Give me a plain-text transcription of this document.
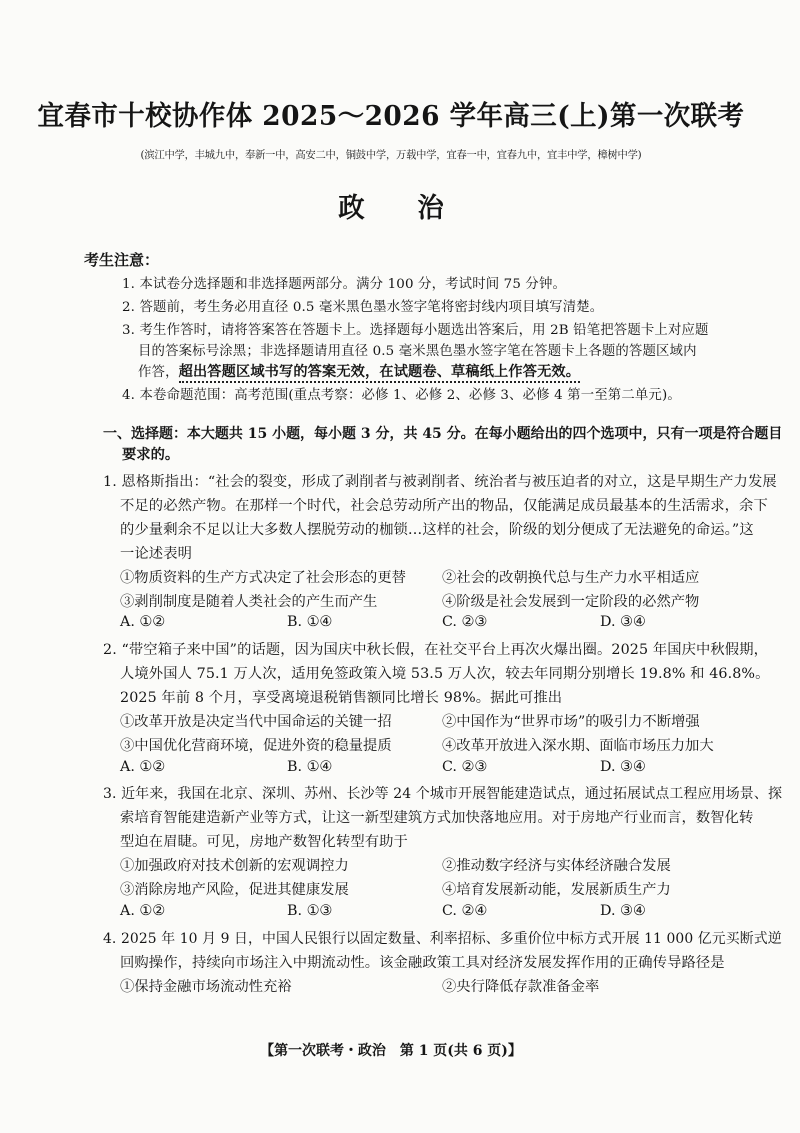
宜春市十校协作体 2025～2026 学年高三(上)第一次联考
(滨江中学，丰城九中，奉新一中，高安二中，铜鼓中学，万载中学，宜春一中，宜春九中，宜丰中学，樟树中学)
政　　治
考生注意：
1. 本试卷分选择题和非选择题两部分。满分 100 分，考试时间 75 分钟。
2. 答题前，考生务必用直径 0.5 毫米黑色墨水签字笔将密封线内项目填写清楚。
3. 考生作答时，请将答案答在答题卡上。选择题每小题选出答案后，用 2B 铅笔把答题卡上对应题
目的答案标号涂黑；非选择题请用直径 0.5 毫米黑色墨水签字笔在答题卡上各题的答题区域内
作答，超出答题区域书写的答案无效，在试题卷、草稿纸上作答无效。
4. 本卷命题范围：高考范围(重点考察：必修 1、必修 2、必修 3、必修 4 第一至第二单元)。
一、选择题：本大题共 15 小题，每小题 3 分，共 45 分。在每小题给出的四个选项中，只有一项是符合题目
要求的。
1. 恩格斯指出：“社会的裂变，形成了剥削者与被剥削者、统治者与被压迫者的对立，这是早期生产力发展
不足的必然产物。在那样一个时代，社会总劳动所产出的物品，仅能满足成员最基本的生活需求，余下
的少量剩余不足以让大多数人摆脱劳动的枷锁…这样的社会，阶级的划分便成了无法避免的命运。”这
一论述表明
①物质资料的生产方式决定了社会形态的更替	②社会的改朝换代总与生产力水平相适应
③剥削制度是随着人类社会的产生而产生	④阶级是社会发展到一定阶段的必然产物
A. ①②	B. ①④	C. ②③	D. ③④
2. “带空箱子来中国”的话题，因为国庆中秋长假，在社交平台上再次火爆出圈。2025 年国庆中秋假期，
人境外国人 75.1 万人次，适用免签政策入境 53.5 万人次，较去年同期分别增长 19.8% 和 46.8%。
2025 年前 8 个月，享受离境退税销售额同比增长 98%。据此可推出
①改革开放是决定当代中国命运的关键一招	②中国作为“世界市场”的吸引力不断增强
③中国优化营商环境，促进外资的稳量提质	④改革开放进入深水期、面临市场压力加大
A. ①②	B. ①④	C. ②③	D. ③④
3. 近年来，我国在北京、深圳、苏州、长沙等 24 个城市开展智能建造试点，通过拓展试点工程应用场景、探
索培育智能建造新产业等方式，让这一新型建筑方式加快落地应用。对于房地产行业而言，数智化转
型迫在眉睫。可见，房地产数智化转型有助于
①加强政府对技术创新的宏观调控力	②推动数字经济与实体经济融合发展
③消除房地产风险，促进其健康发展	④培育发展新动能，发展新质生产力
A. ①②	B. ①③	C. ②④	D. ③④
4. 2025 年 10 月 9 日，中国人民银行以固定数量、利率招标、多重价位中标方式开展 11 000 亿元买断式逆
回购操作，持续向市场注入中期流动性。该金融政策工具对经济发展发挥作用的正确传导路径是
①保持金融市场流动性充裕	②央行降低存款准备金率
【第一次联考・政治　第 1 页(共 6 页)】
